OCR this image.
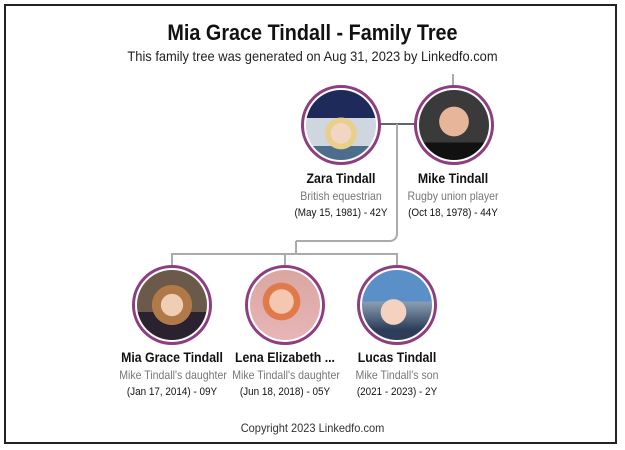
Mia Grace Tindall - Family Tree
This family tree was generated on Aug 31, 2023 by Linkedfo.com
Zara Tindall
British equestrian
(May 15, 1981) - 42Y
Mike Tindall
Rugby union player
(Oct 18, 1978) - 44Y
Mia Grace Tindall
Mike Tindall's daughter
(Jan 17, 2014) - 09Y
Lena Elizabeth ...
Mike Tindall's daughter
(Jun 18, 2018) - 05Y
Lucas Tindall
Mike Tindall's son
(2021 - 2023) - 2Y
Copyright 2023 Linkedfo.com
